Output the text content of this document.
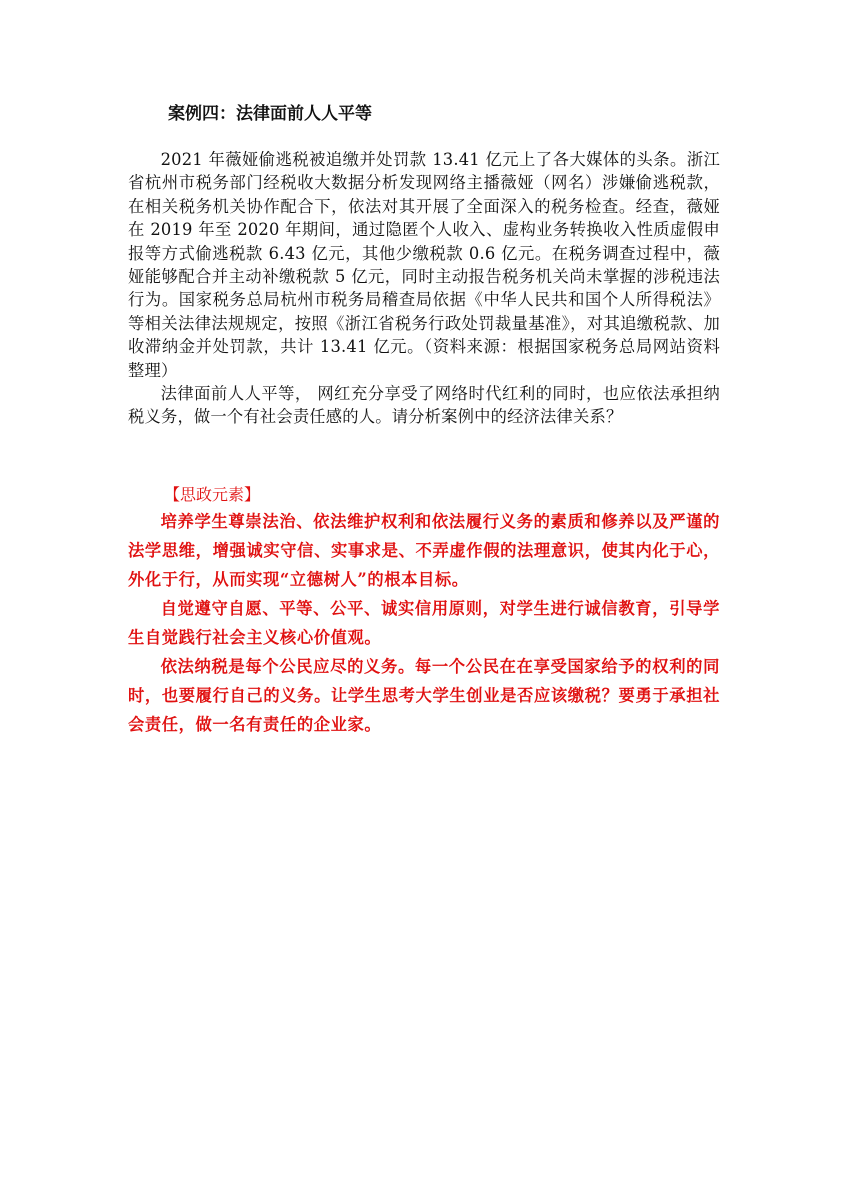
案例四：法律面前人人平等

2021 年薇娅偷逃税被追缴并处罚款 13.41 亿元上了各大媒体的头条。浙江省杭州市税务部门经税收大数据分析发现网络主播薇娅（网名）涉嫌偷逃税款，在相关税务机关协作配合下，依法对其开展了全面深入的税务检查。经查，薇娅在 2019 年至 2020 年期间，通过隐匿个人收入、虚构业务转换收入性质虚假申报等方式偷逃税款 6.43 亿元，其他少缴税款 0.6 亿元。在税务调查过程中，薇娅能够配合并主动补缴税款 5 亿元，同时主动报告税务机关尚未掌握的涉税违法行为。国家税务总局杭州市税务局稽查局依据《中华人民共和国个人所得税法》等相关法律法规规定，按照《浙江省税务行政处罚裁量基准》，对其追缴税款、加收滞纳金并处罚款，共计 13.41 亿元。（资料来源：根据国家税务总局网站资料整理）

法律面前人人平等， 网红充分享受了网络时代红利的同时，也应依法承担纳税义务，做一个有社会责任感的人。请分析案例中的经济法律关系？

【思政元素】

培养学生尊崇法治、依法维护权利和依法履行义务的素质和修养以及严谨的法学思维，增强诚实守信、实事求是、不弄虚作假的法理意识，使其内化于心，外化于行，从而实现“立德树人”的根本目标。

自觉遵守自愿、平等、公平、诚实信用原则，对学生进行诚信教育，引导学生自觉践行社会主义核心价值观。

依法纳税是每个公民应尽的义务。每一个公民在在享受国家给予的权利的同时，也要履行自己的义务。让学生思考大学生创业是否应该缴税？要勇于承担社会责任，做一名有责任的企业家。
